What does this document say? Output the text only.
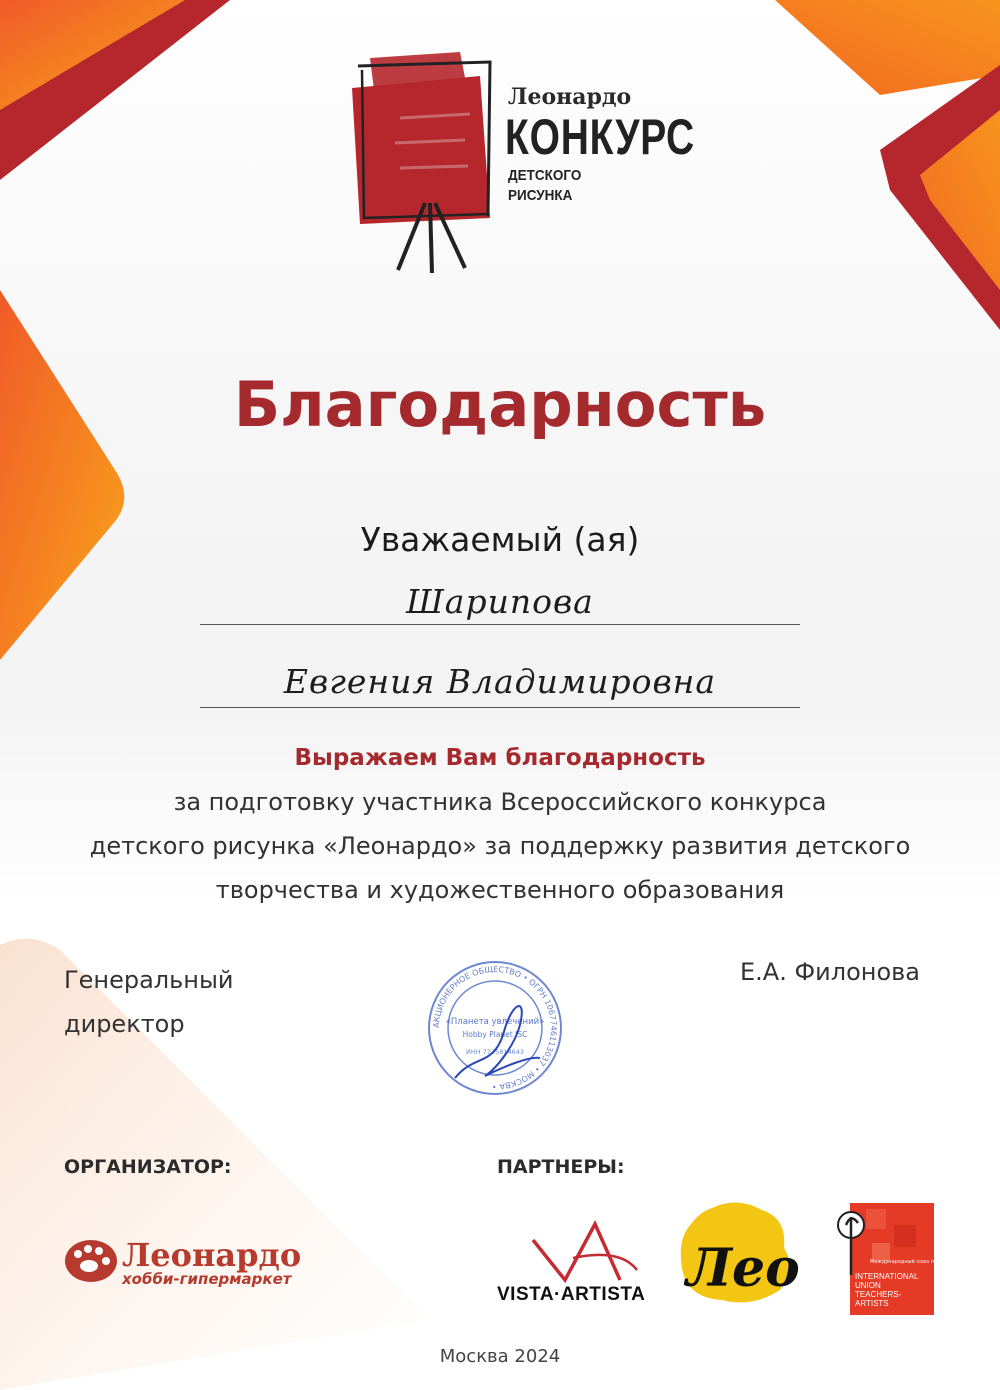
Леонардо
КОНКУРС
ДЕТСКОГО
РИСУНКА
Благодарность
Уважаемый (ая)
Шарипова
Евгения Владимировна
Выражаем Вам благодарность
за подготовку участника Всероссийского конкурса
детского рисунка «Леонардо» за поддержку развития детского
творчества и художественного образования
Генеральный
директор
Е.А. Филонова
АКЦИОНЕРНОЕ ОБЩЕСТВО • ОГРН 1067746113037 • МОСКВА •
«Планета увлечений»
Hobby Planet JSC
ИНН 7725814643
ОРГАНИЗАТОР:	ПАРТНЕРЫ:
Леонардо
хобби-гипермаркет
VISTA·ARTISTA Лео	Международный союз педагогов-художников
INTERNATIONAL
UNION
TEACHERS-
ARTISTS
Москва 2024
